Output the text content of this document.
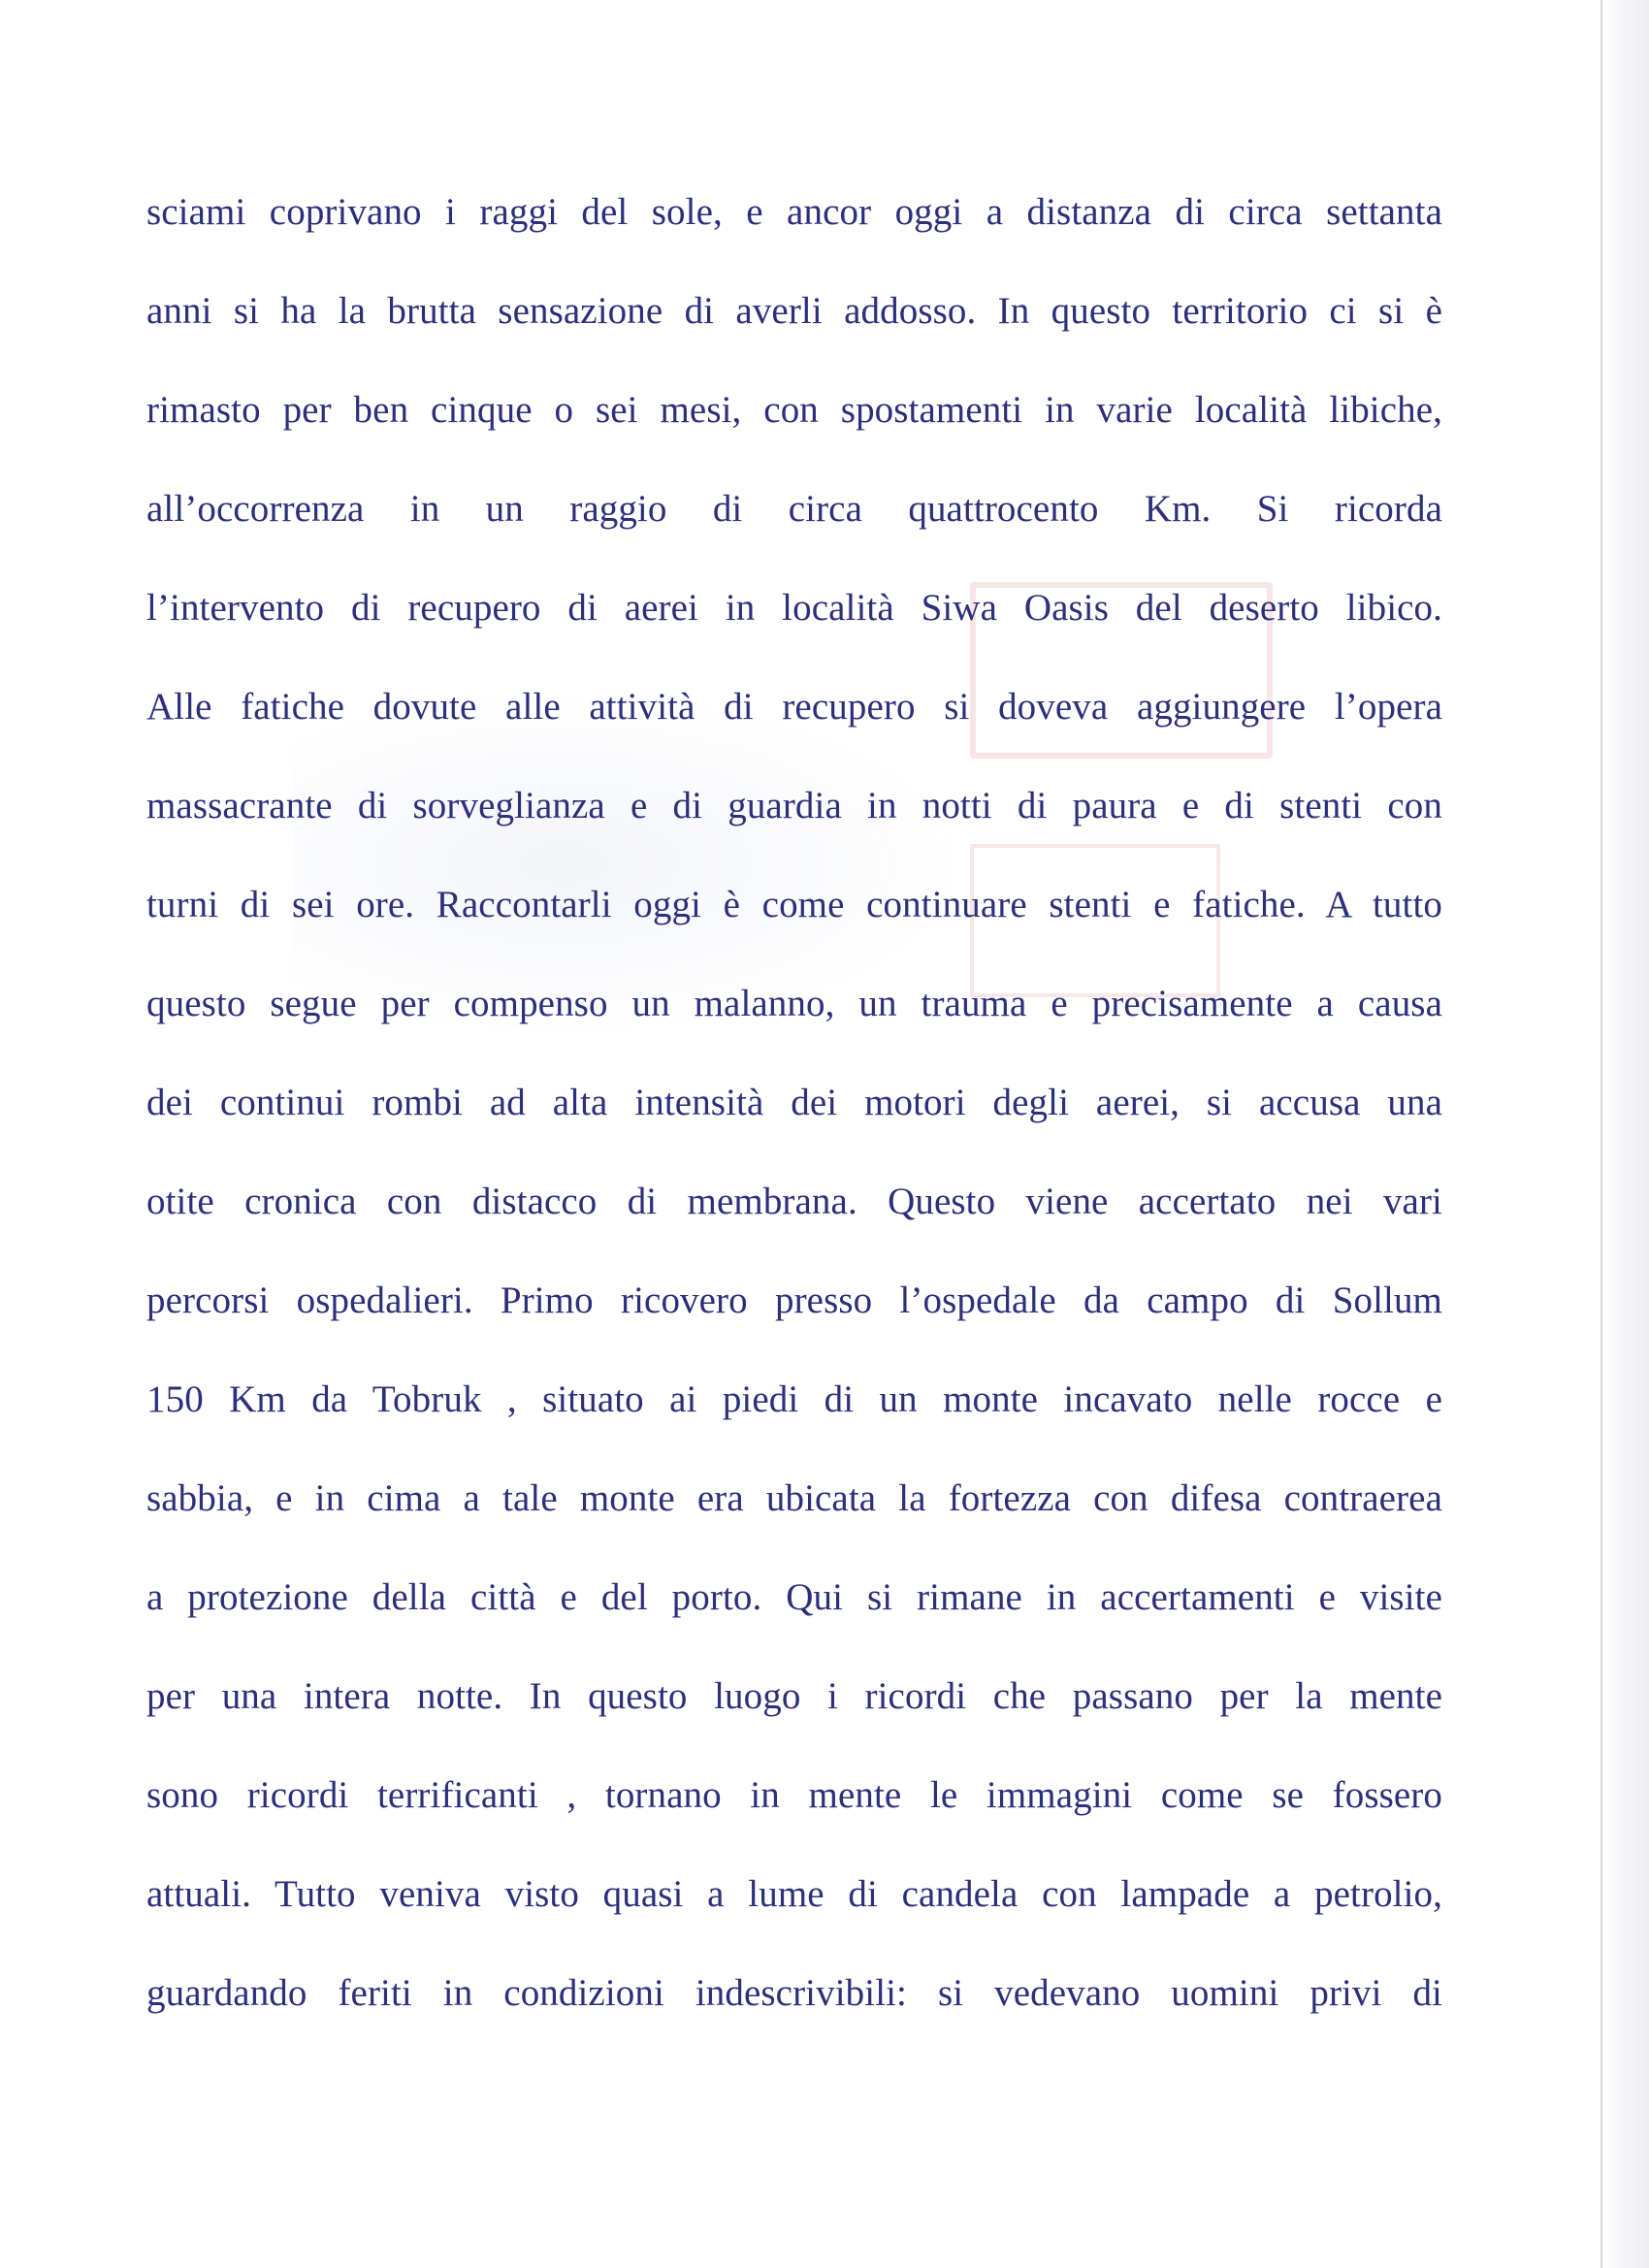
sciami coprivano i raggi del sole, e ancor oggi a distanza di circa settanta
anni si ha la brutta sensazione di averli addosso. In questo territorio ci si è
rimasto per ben cinque o sei mesi, con spostamenti in varie località libiche,
all’occorrenza in un raggio di circa quattrocento Km. Si ricorda
l’intervento di recupero di aerei in località Siwa Oasis del deserto libico.
Alle fatiche dovute alle attività di recupero si doveva aggiungere l’opera
massacrante di sorveglianza e di guardia in notti di paura e di stenti con
turni di sei ore. Raccontarli oggi è come continuare stenti e fatiche. A tutto
questo segue per compenso un malanno, un trauma e precisamente a causa
dei continui rombi ad alta intensità dei motori degli aerei, si accusa una
otite cronica con distacco di membrana. Questo viene accertato nei vari
percorsi ospedalieri. Primo ricovero presso l’ospedale da campo di Sollum
150 Km da Tobruk , situato ai piedi di un monte incavato nelle rocce e
sabbia, e in cima a tale monte era ubicata la fortezza con difesa contraerea
a protezione della città e del porto. Qui si rimane in accertamenti e visite
per una intera notte. In questo luogo i ricordi che passano per la mente
sono ricordi terrificanti , tornano in mente le immagini come se fossero
attuali. Tutto veniva visto quasi a lume di candela con lampade a petrolio,
guardando feriti in condizioni indescrivibili: si vedevano uomini privi di
